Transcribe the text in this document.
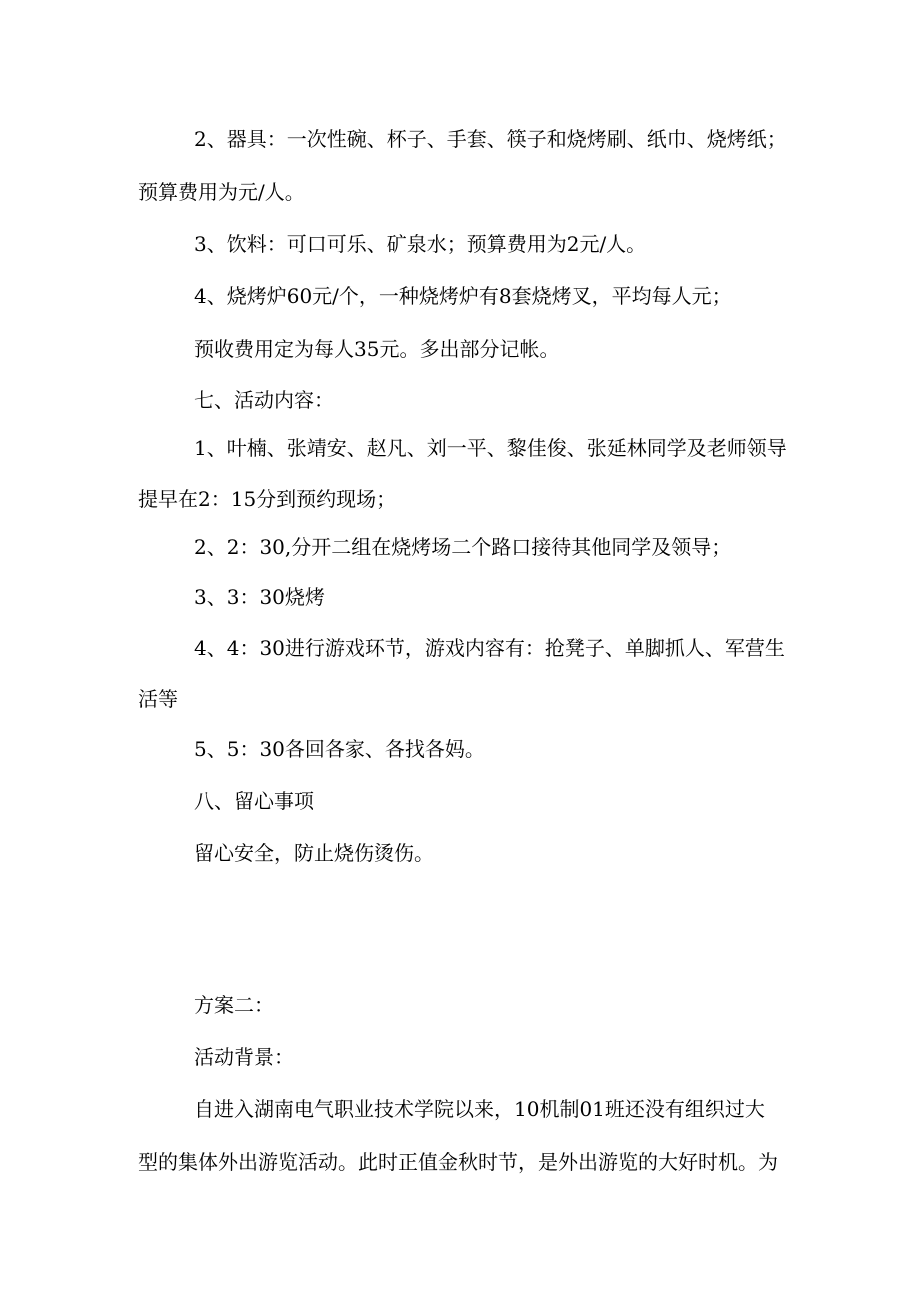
2、器具：一次性碗、杯子、手套、筷子和烧烤刷、纸巾、烧烤纸；
预算费用为元/人。
3、饮料：可口可乐、矿泉水；预算费用为2元/人。
4、烧烤炉60元/个，一种烧烤炉有8套烧烤叉，平均每人元；
预收费用定为每人35元。多出部分记帐。
七、活动内容：
1、叶楠、张靖安、赵凡、刘一平、黎佳俊、张延林同学及老师领导
提早在2：15分到预约现场；
2、2：30,分开二组在烧烤场二个路口接待其他同学及领导；
3、3：30烧烤
4、4：30进行游戏环节，游戏内容有：抢凳子、单脚抓人、军营生
活等
5、5：30各回各家、各找各妈。
八、留心事项
留心安全，防止烧伤烫伤。
方案二：
活动背景：
自进入湖南电气职业技术学院以来，10机制01班还没有组织过大
型的集体外出游览活动。此时正值金秋时节，是外出游览的大好时机。为
